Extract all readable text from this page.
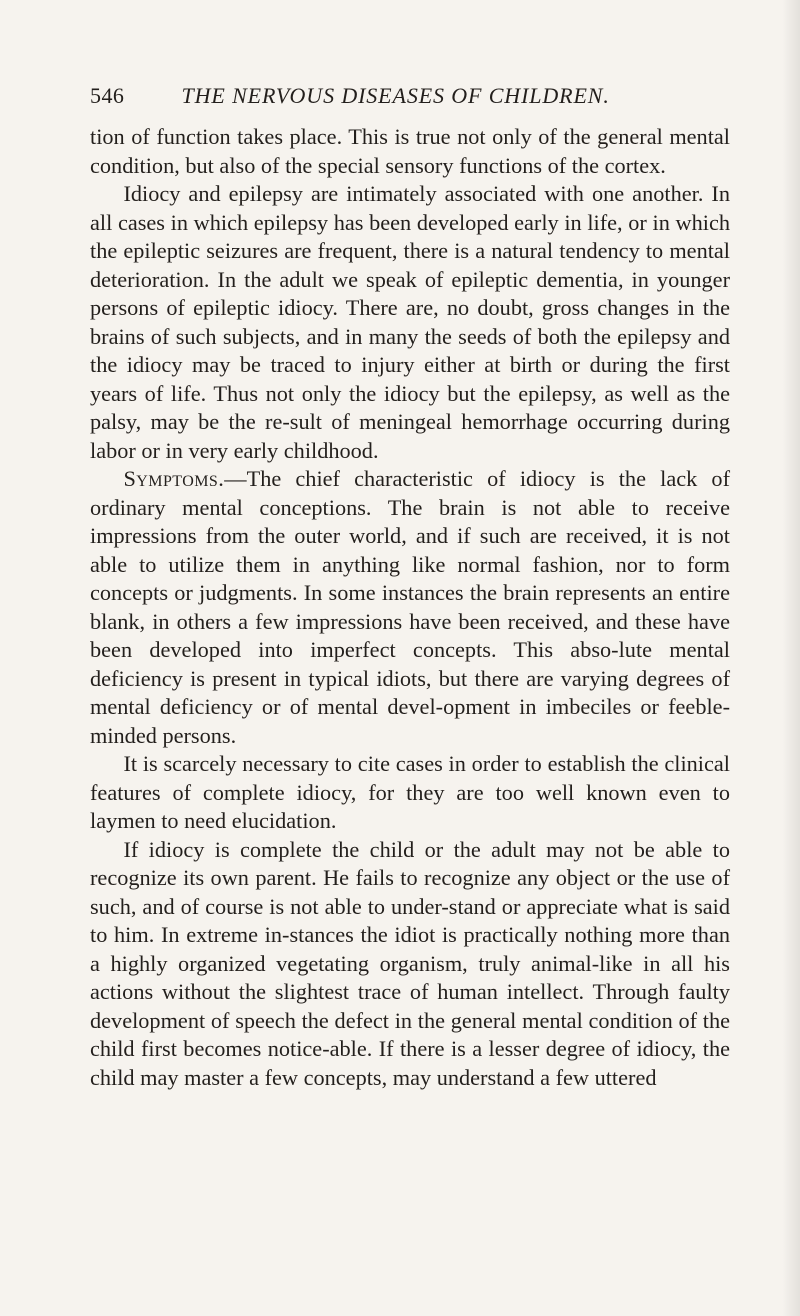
546	THE NERVOUS DISEASES OF CHILDREN.

tion of function takes place. This is true not only of the general mental condition, but also of the special sensory functions of the cortex.

Idiocy and epilepsy are intimately associated with one another. In all cases in which epilepsy has been developed early in life, or in which the epileptic seizures are frequent, there is a natural tendency to mental deterioration. In the adult we speak of epileptic dementia, in younger persons of epileptic idiocy. There are, no doubt, gross changes in the brains of such subjects, and in many the seeds of both the epilepsy and the idiocy may be traced to injury either at birth or during the first years of life. Thus not only the idiocy but the epilepsy, as well as the palsy, may be the re-sult of meningeal hemorrhage occurring during labor or in very early childhood.

Symptoms.—The chief characteristic of idiocy is the lack of ordinary mental conceptions. The brain is not able to receive impressions from the outer world, and if such are received, it is not able to utilize them in anything like normal fashion, nor to form concepts or judgments. In some instances the brain represents an entire blank, in others a few impressions have been received, and these have been developed into imperfect concepts. This abso-lute mental deficiency is present in typical idiots, but there are varying degrees of mental deficiency or of mental devel-opment in imbeciles or feeble-minded persons.

It is scarcely necessary to cite cases in order to establish the clinical features of complete idiocy, for they are too well known even to laymen to need elucidation.

If idiocy is complete the child or the adult may not be able to recognize its own parent. He fails to recognize any object or the use of such, and of course is not able to under-stand or appreciate what is said to him. In extreme in-stances the idiot is practically nothing more than a highly organized vegetating organism, truly animal-like in all his actions without the slightest trace of human intellect. Through faulty development of speech the defect in the general mental condition of the child first becomes notice-able. If there is a lesser degree of idiocy, the child may master a few concepts, may understand a few uttered
